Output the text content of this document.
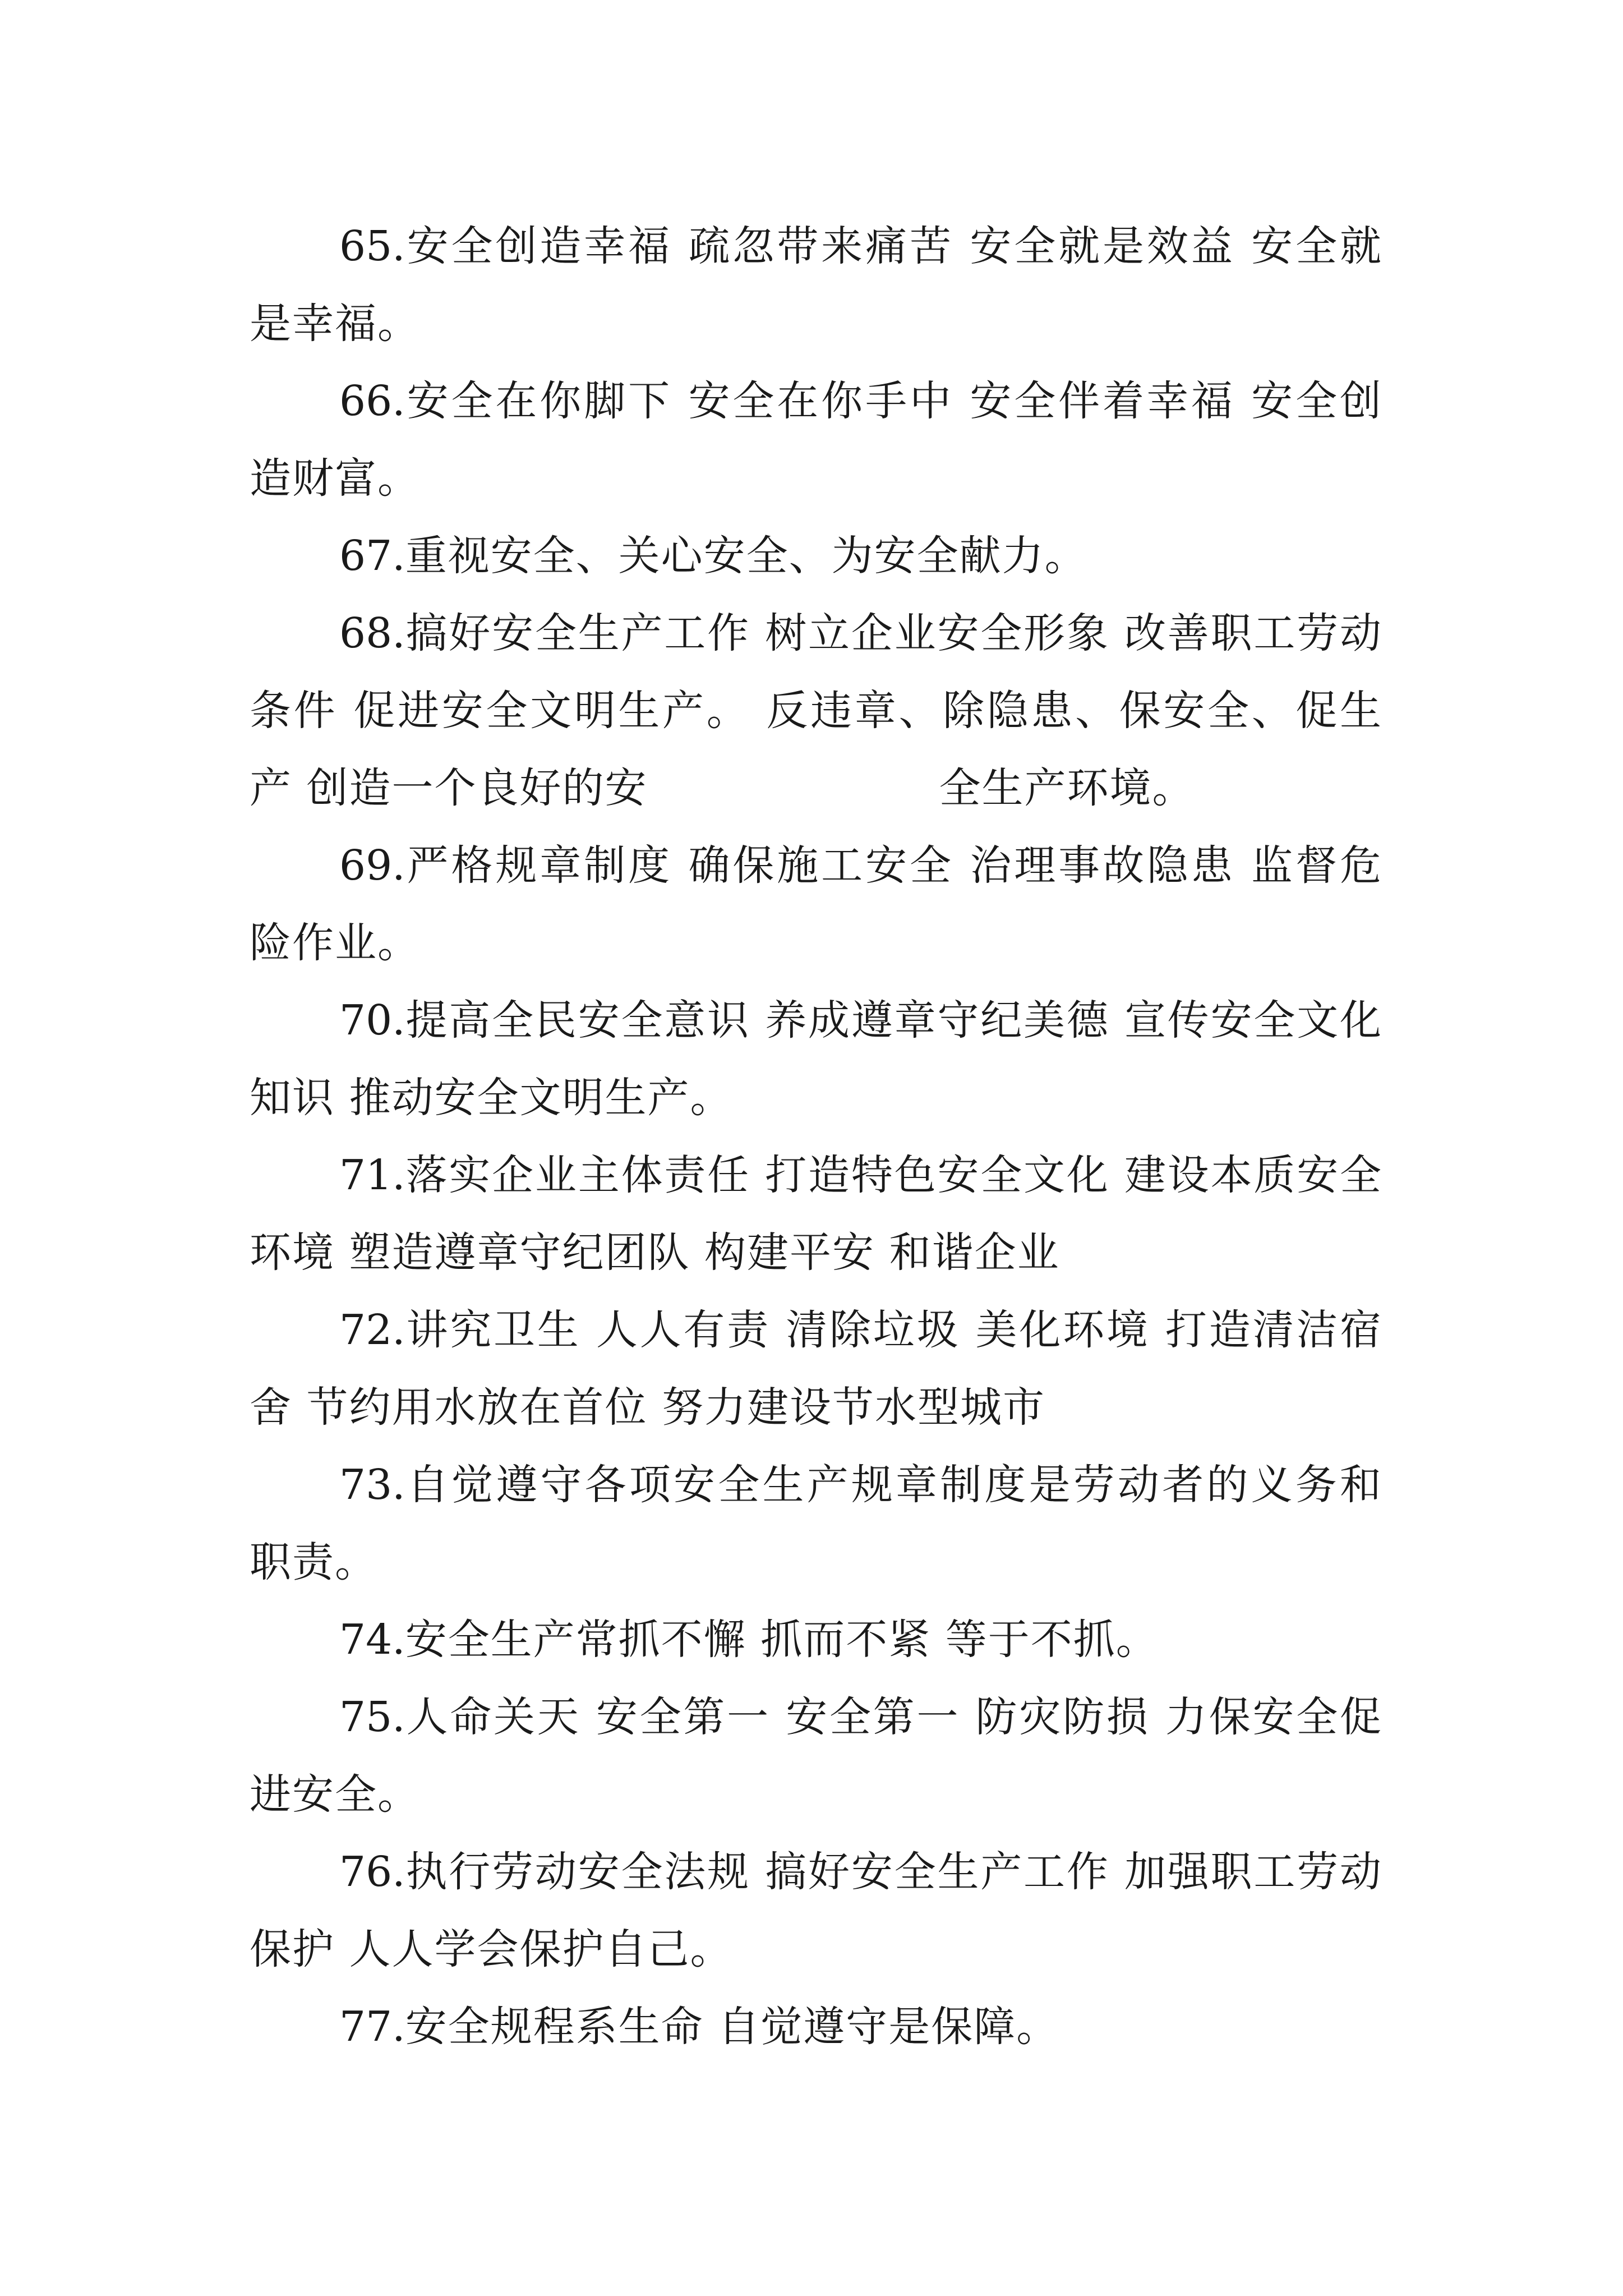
65.安全创造幸福 疏忽带来痛苦 安全就是效益 安全就是幸福。

66.安全在你脚下 安全在你手中 安全伴着幸福 安全创造财富。

67.重视安全、关心安全、为安全献力。

68.搞好安全生产工作 树立企业安全形象 改善职工劳动条件 促进安全文明生产。 反违章、除隐患、保安全、促生产 创造一个良好的安	全生产环境。

69.严格规章制度 确保施工安全 治理事故隐患 监督危险作业。

70.提高全民安全意识 养成遵章守纪美德 宣传安全文化知识 推动安全文明生产。

71.落实企业主体责任 打造特色安全文化 建设本质安全环境 塑造遵章守纪团队 构建平安 和谐企业

72.讲究卫生 人人有责 清除垃圾 美化环境 打造清洁宿舍 节约用水放在首位 努力建设节水型城市

73.自觉遵守各项安全生产规章制度是劳动者的义务和职责。

74.安全生产常抓不懈 抓而不紧 等于不抓。

75.人命关天 安全第一 安全第一 防灾防损 力保安全促进安全。

76.执行劳动安全法规 搞好安全生产工作 加强职工劳动保护 人人学会保护自己。

77.安全规程系生命 自觉遵守是保障。
